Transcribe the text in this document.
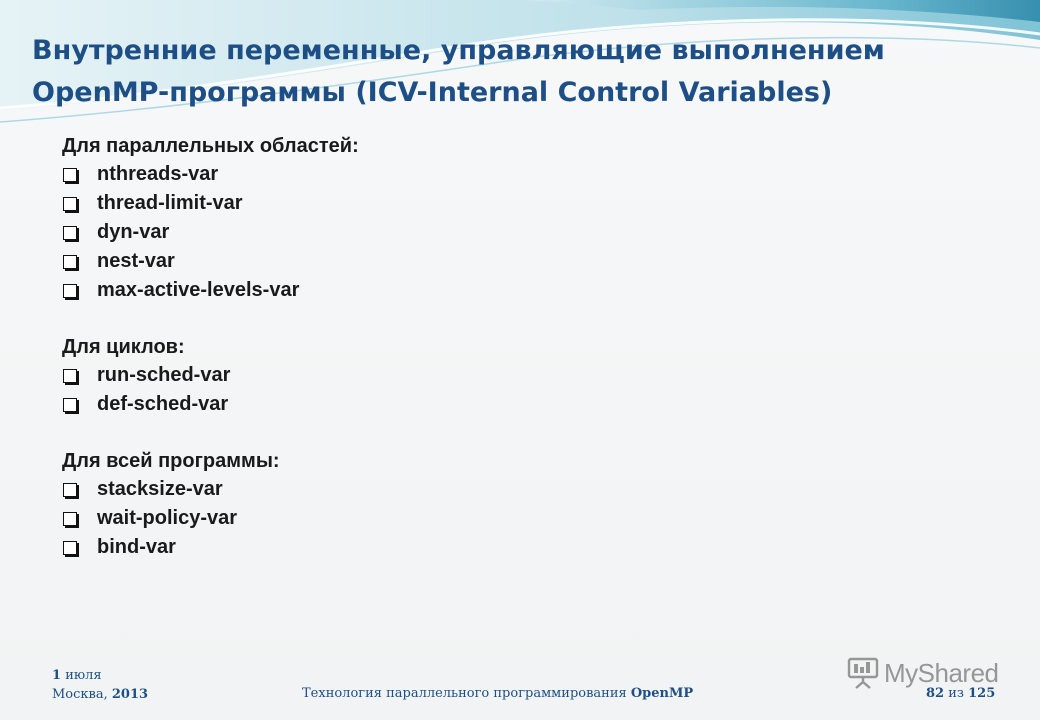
Внутренние переменные, управляющие выполнением
OpenMP-программы (ICV-Internal Control Variables)
Для параллельных областей:
nthreads-var
thread-limit-var
dyn-var
nest-var
max-active-levels-var
Для циклов:
run-sched-var
def-sched-var
Для всей программы:
stacksize-var
wait-policy-var
bind-var
1 июля
Москва, 2013	Технология параллельного программирования OpenMP	82 из 125
MyShared
